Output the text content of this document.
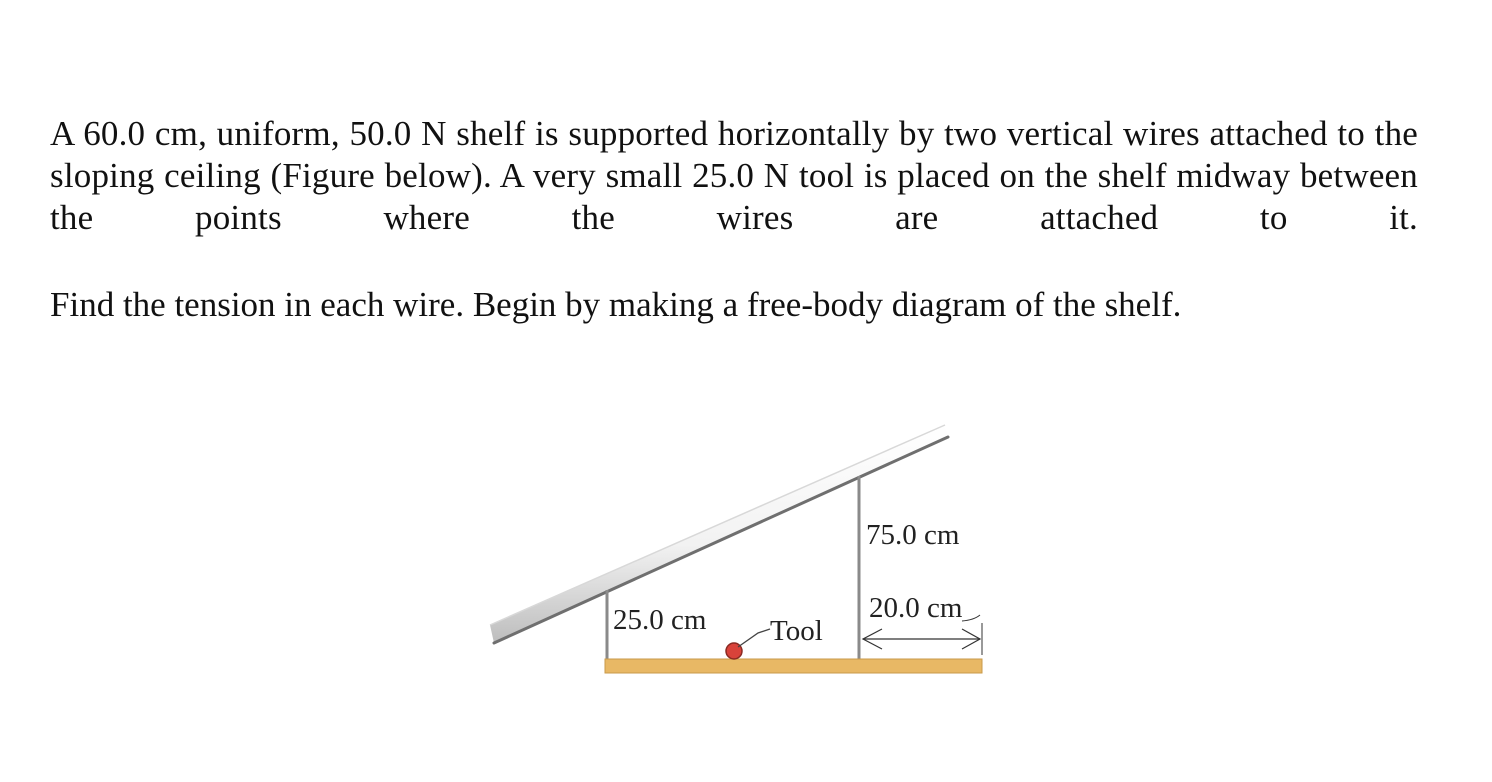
A 60.0 cm, uniform, 50.0 N shelf is supported horizontally by two vertical wires attached to the sloping ceiling (Figure below). A very small 25.0 N tool is placed on the shelf midway between the points where the wires are attached to it.

Find the tension in each wire. Begin by making a free-body diagram of the shelf.

25.0 cm
75.0 cm
20.0 cm
Tool
